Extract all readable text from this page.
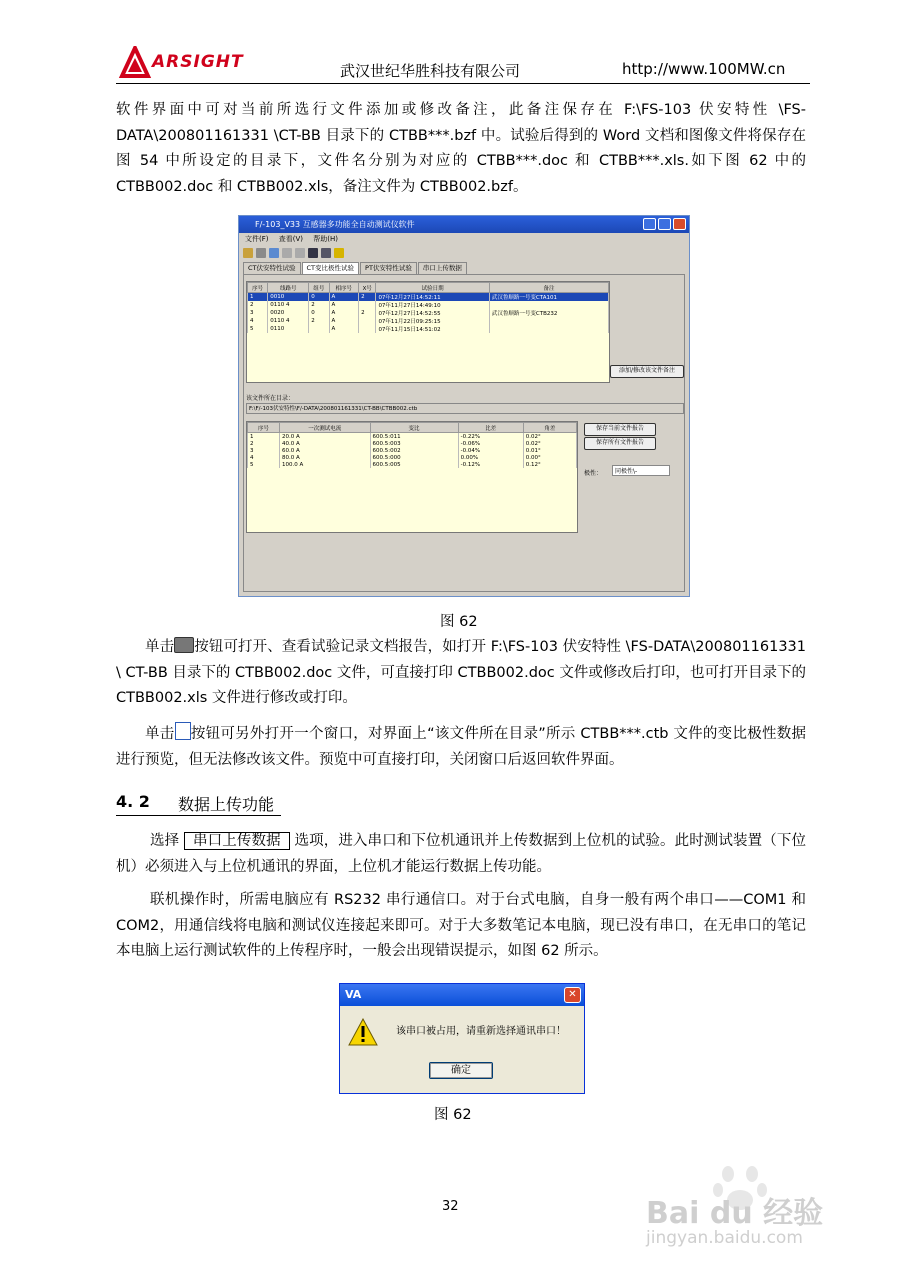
ARSIGHT	武汉世纪华胜科技有限公司	http://www.100MW.cn
软件界面中可对当前所选行文件添加或修改备注，此备注保存在 F:\FS-103 伏安特性 \FS-DATA\200801161331 \CT-BB 目录下的 CTBB***.bzf 中。试验后得到的 Word 文档和图像文件将保存在图 54 中所设定的目录下，文件名分别为对应的 CTBB***.doc 和 CTBB***.xls.如下图 62 中的 CTBB002.doc 和 CTBB002.xls，备注文件为 CTBB002.bzf。
F/-103_V33 互感器多功能全自动测试仪软件
文件(F) 查看(V) 帮助(H)
CT伏安特性试验	CT变比极性试验	PT伏安特性试验	串口上传数据
序号	线路号	组号	相序号	X号	试验日期	备注
1	0010	0	A	2	07年12月27日14:52:11	武汉鲁顺路一号变CTA101
2	0110 4	2	A		07年11月27日14:49:10	
3	0020	0	A	2	07年12月27日14:52:55	武汉鲁顺路一号变CTB232
4	0110 4	2	A		07年11月22日09:25:15	
5	0110		A		07年11月15日14:51:02	
添加/修改该文件备注
该文件所在目录：
F:\F/-103伏安特性\F/-DATA\200801161331\CT-BB\CTBB002.ctb
序号	一次测试电流	变比	比差	角差
1	20.0 A	600.5:011	-0.22%	0.02°
2	40.0 A	600.5:003	-0.06%	0.02°
3	60.0 A	600.5:002	-0.04%	0.01°
4	80.0 A	600.5:000	0.00%	0.00°
5	100.0 A	600.5:005	-0.12%	0.12°
保存当前文件报告
保存所有文件报告
极性：	同极性\-
图 62
单击 按钮可打开、查看试验记录文档报告，如打开 F:\FS-103 伏安特性 \FS-DATA\200801161331 \ CT-BB 目录下的 CTBB002.doc 文件，可直接打印 CTBB002.doc 文件或修改后打印，也可打开目录下的 CTBB002.xls 文件进行修改或打印。
单击 按钮可另外打开一个窗口，对界面上“该文件所在目录”所示 CTBB***.ctb 文件的变比极性数据进行预览，但无法修改该文件。预览中可直接打印，关闭窗口后返回软件界面。
4. 2 数据上传功能
选择 串口上传数据 选项，进入串口和下位机通讯并上传数据到上位机的试验。此时测试装置（下位机）必须进入与上位机通讯的界面，上位机才能运行数据上传功能。
联机操作时，所需电脑应有 RS232 串行通信口。对于台式电脑，自身一般有两个串口——COM1 和 COM2，用通信线将电脑和测试仪连接起来即可。对于大多数笔记本电脑，现已没有串口，在无串口的笔记本电脑上运行测试软件的上传程序时，一般会出现错误提示，如图 62 所示。
VA	✕
该串口被占用，请重新选择通讯串口！
确定
图 62
32	Bai du 经验
jingyan.baidu.com
